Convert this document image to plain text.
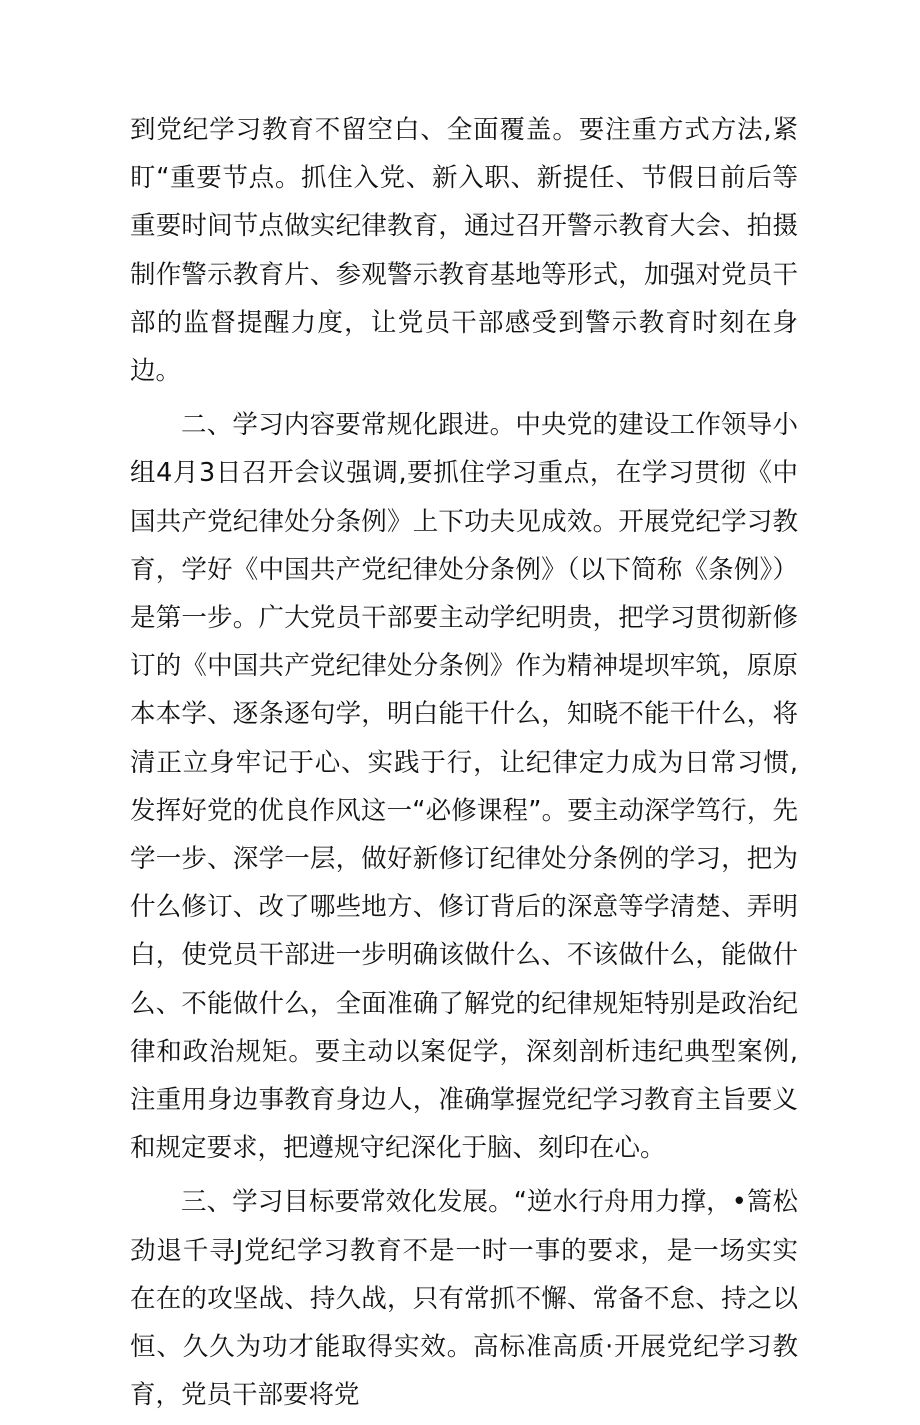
到党纪学习教育不留空白、全面覆盖。要注重方式方法,紧盯“重要节点。抓住入党、新入职、新提任、节假日前后等重要时间节点做实纪律教育，通过召开警示教育大会、拍摄制作警示教育片、参观警示教育基地等形式，加强对党员干部的监督提醒力度，让党员干部感受到警示教育时刻在身边。

二、学习内容要常规化跟进。中央党的建设工作领导小组4月3日召开会议强调,要抓住学习重点，在学习贯彻《中国共产党纪律处分条例》上下功夫见成效。开展党纪学习教育，学好《中国共产党纪律处分条例》（以下简称《条例》）是第一步。广大党员干部要主动学纪明贵，把学习贯彻新修订的《中国共产党纪律处分条例》作为精神堤坝牢筑，原原本本学、逐条逐句学，明白能干什么，知晓不能干什么，将清正立身牢记于心、实践于行，让纪律定力成为日常习惯,发挥好党的优良作风这一“必修课程”。要主动深学笃行，先学一步、深学一层，做好新修订纪律处分条例的学习，把为什么修订、改了哪些地方、修订背后的深意等学清楚、弄明白，使党员干部进一步明确该做什么、不该做什么，能做什么、不能做什么，全面准确了解党的纪律规矩特别是政治纪律和政治规矩。要主动以案促学，深刻剖析违纪典型案例,注重用身边事教育身边人，准确掌握党纪学习教育主旨要义和规定要求，把遵规守纪深化于脑、刻印在心。

三、学习目标要常效化发展。“逆水行舟用力撑，•篙松劲退千寻J党纪学习教育不是一时一事的要求，是一场实实在在的攻坚战、持久战，只有常抓不懈、常备不怠、持之以恒、久久为功才能取得实效。高标准高质·开展党纪学习教育，党员干部要将党
